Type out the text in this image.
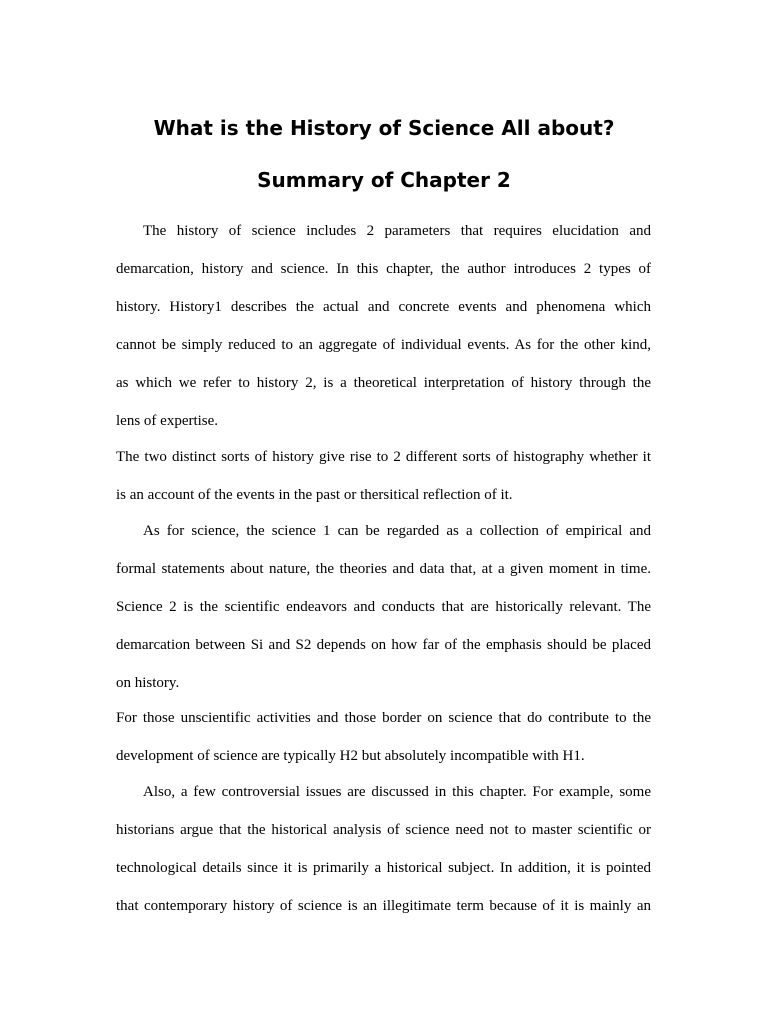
What is the History of Science All about?
Summary of Chapter 2
The history of science includes 2 parameters that requires elucidation and
demarcation, history and science. In this chapter, the author introduces 2 types of
history. History1 describes the actual and concrete events and phenomena which
cannot be simply reduced to an aggregate of individual events. As for the other kind,
as which we refer to history 2, is a theoretical interpretation of history through the
lens of expertise.
The two distinct sorts of history give rise to 2 different sorts of histography whether it
is an account of the events in the past or thersitical reflection of it.
As for science, the science 1 can be regarded as a collection of empirical and
formal statements about nature, the theories and data that, at a given moment in time.
Science 2 is the scientific endeavors and conducts that are historically relevant. The
demarcation between Si and S2 depends on how far of the emphasis should be placed
on history.
For those unscientific activities and those border on science that do contribute to the
development of science are typically H2 but absolutely incompatible with H1.
Also, a few controversial issues are discussed in this chapter. For example, some
historians argue that the historical analysis of science need not to master scientific or
technological details since it is primarily a historical subject. In addition, it is pointed
that contemporary history of science is an illegitimate term because of it is mainly an
